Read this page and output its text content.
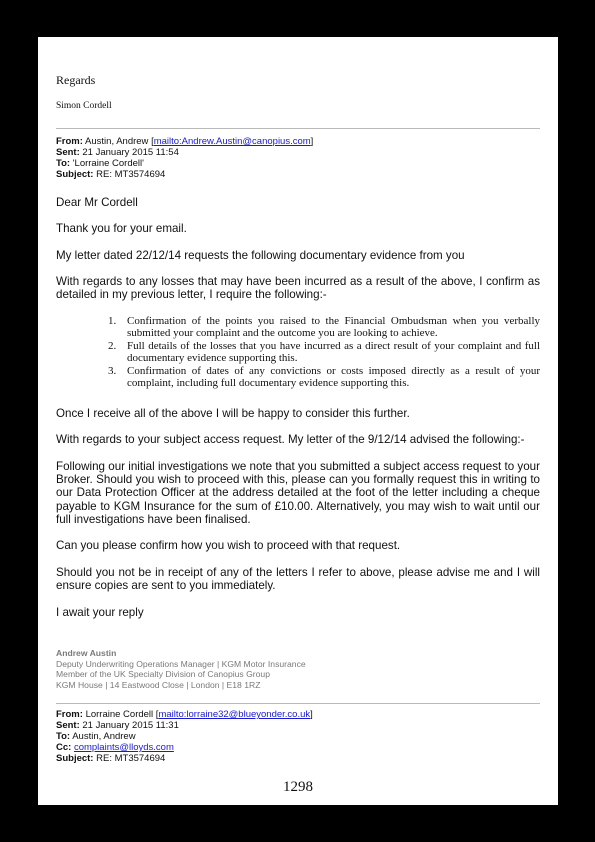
Regards
Simon Cordell
From: Austin, Andrew [mailto:Andrew.Austin@canopius.com]
Sent: 21 January 2015 11:54
To: 'Lorraine Cordell'
Subject: RE: MT3574694
Dear Mr Cordell
Thank you for your email.
My letter dated 22/12/14 requests the following documentary evidence from you
With regards to any losses that may have been incurred as a result of the above, I confirm as detailed in my previous letter, I require the following:-
1. Confirmation of the points you raised to the Financial Ombudsman when you verbally submitted your complaint and the outcome you are looking to achieve.
2. Full details of the losses that you have incurred as a direct result of your complaint and full documentary evidence supporting this.
3. Confirmation of dates of any convictions or costs imposed directly as a result of your complaint, including full documentary evidence supporting this.
Once I receive all of the above I will be happy to consider this further.
With regards to your subject access request. My letter of the 9/12/14 advised the following:-
Following our initial investigations we note that you submitted a subject access request to your Broker. Should you wish to proceed with this, please can you formally request this in writing to our Data Protection Officer at the address detailed at the foot of the letter including a cheque payable to KGM Insurance for the sum of £10.00. Alternatively, you may wish to wait until our full investigations have been finalised.
Can you please confirm how you wish to proceed with that request.
Should you not be in receipt of any of the letters I refer to above, please advise me and I will ensure copies are sent to you immediately.
I await your reply
Andrew Austin
Deputy Underwriting Operations Manager | KGM Motor Insurance
Member of the UK Specialty Division of Canopius Group
KGM House | 14 Eastwood Close | London | E18 1RZ
From: Lorraine Cordell [mailto:lorraine32@blueyonder.co.uk]
Sent: 21 January 2015 11:31
To: Austin, Andrew
Cc: complaints@lloyds.com
Subject: RE: MT3574694
1298
